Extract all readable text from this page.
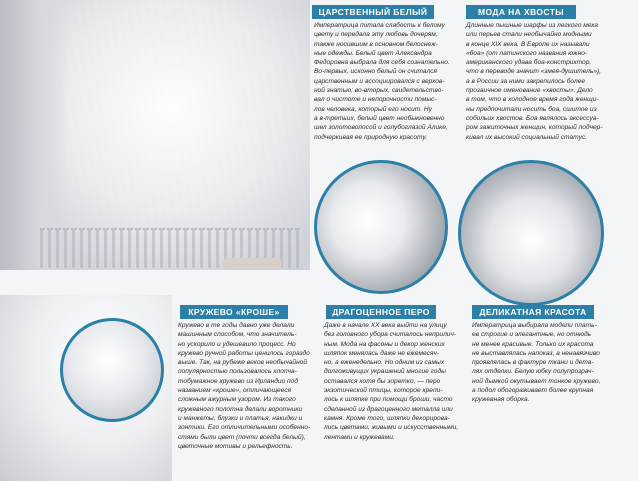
ЦАРСТВЕННЫЙ БЕЛЫЙ
Императрица питала слабость к белому
цвету и передала эту любовь дочерям,
также носившим в основном белоснеж-
ные одежды. Белый цвет Александра
Федоровна выбрала для себя сознательно.
Во-первых, исконно белый он считался
царственным и ассоциировался с верхов-
ной знатью; во-вторых, свидетельство-
вал о чистоте и непорочности помыс-
лов человека, который его носит. Ну
а в-третьих, белый цвет необыкновенно
шел золотоволосой и голубоглазой Алике,
подчеркивая ее природную красоту.
МОДА НА ХВОСТЫ
Длинные пышные шарфы из легкого меха
или перьев стали необычайно модными
в конце XIX века. В Европе их называли
«боа» (от латинского названия южно-
американского удава боа-констриктор,
что в переводе значит «змея-душитель»),
а в России за ними закрепилось более
прозаичное именование «хвосты». Дело
в том, что в холодное время года женщи-
ны предпочитали носить боа, сшитое из
собольих хвостов. Боа являлось аксессуа-
ром зажиточных женщин, который подчер-
кивал их высокий социальный статус.
КРУЖЕВО «КРОШЕ»
Кружево в те годы давно уже делали
машинным способом, что значитель-
но ускорило и удешевило процесс. Но
кружево ручной работы ценилось гораздо
выше. Так, на рубеже веков необычайной
популярностью пользовалось хлопча-
тобумажное кружево из Ирландии под
названием «кроше», отличающееся
сложным ажурным узором. Из такого
кружевного полотна делали воротники
и манжеты, блузки и платья, накидки и
зонтики. Его отличительными особенно-
стями были цвет (почти всегда белый),
цветочные мотивы и рельефность.
ДРАГОЦЕННОЕ ПЕРО
Даже в начале XX века выйти на улицу
без головного убора считалось неприлич-
ным. Мода на фасоны и декор женских
шляпок менялась даже не ежемесяч-
но, а еженедельно. Но одним из самых
долгоживущих украшений многие годы
оставался хотя бы зоретко, — перо
экзотической птицы, которое крепи-
лось к шляпке при помощи броши, часто
сделанной из драгоценного металла или
камня. Кроме того, шляпки декорирова-
лись цветами, живыми и искусственными,
лентами и кружевами.
ДЕЛИКАТНАЯ КРАСОТА
Императрица выбирала модели плать-
ев строгие и элегантные, но отнюдь
не менее красивые. Только их красота
не выставлялась напоказ, а ненавязчиво
проявлялась в фактуре ткани и дета-
лях отделки. Белую юбку полупрозрач-
ной дымкой окутывает тонкое кружево,
а подол обогораживает более крупная
кружевная оборка.
